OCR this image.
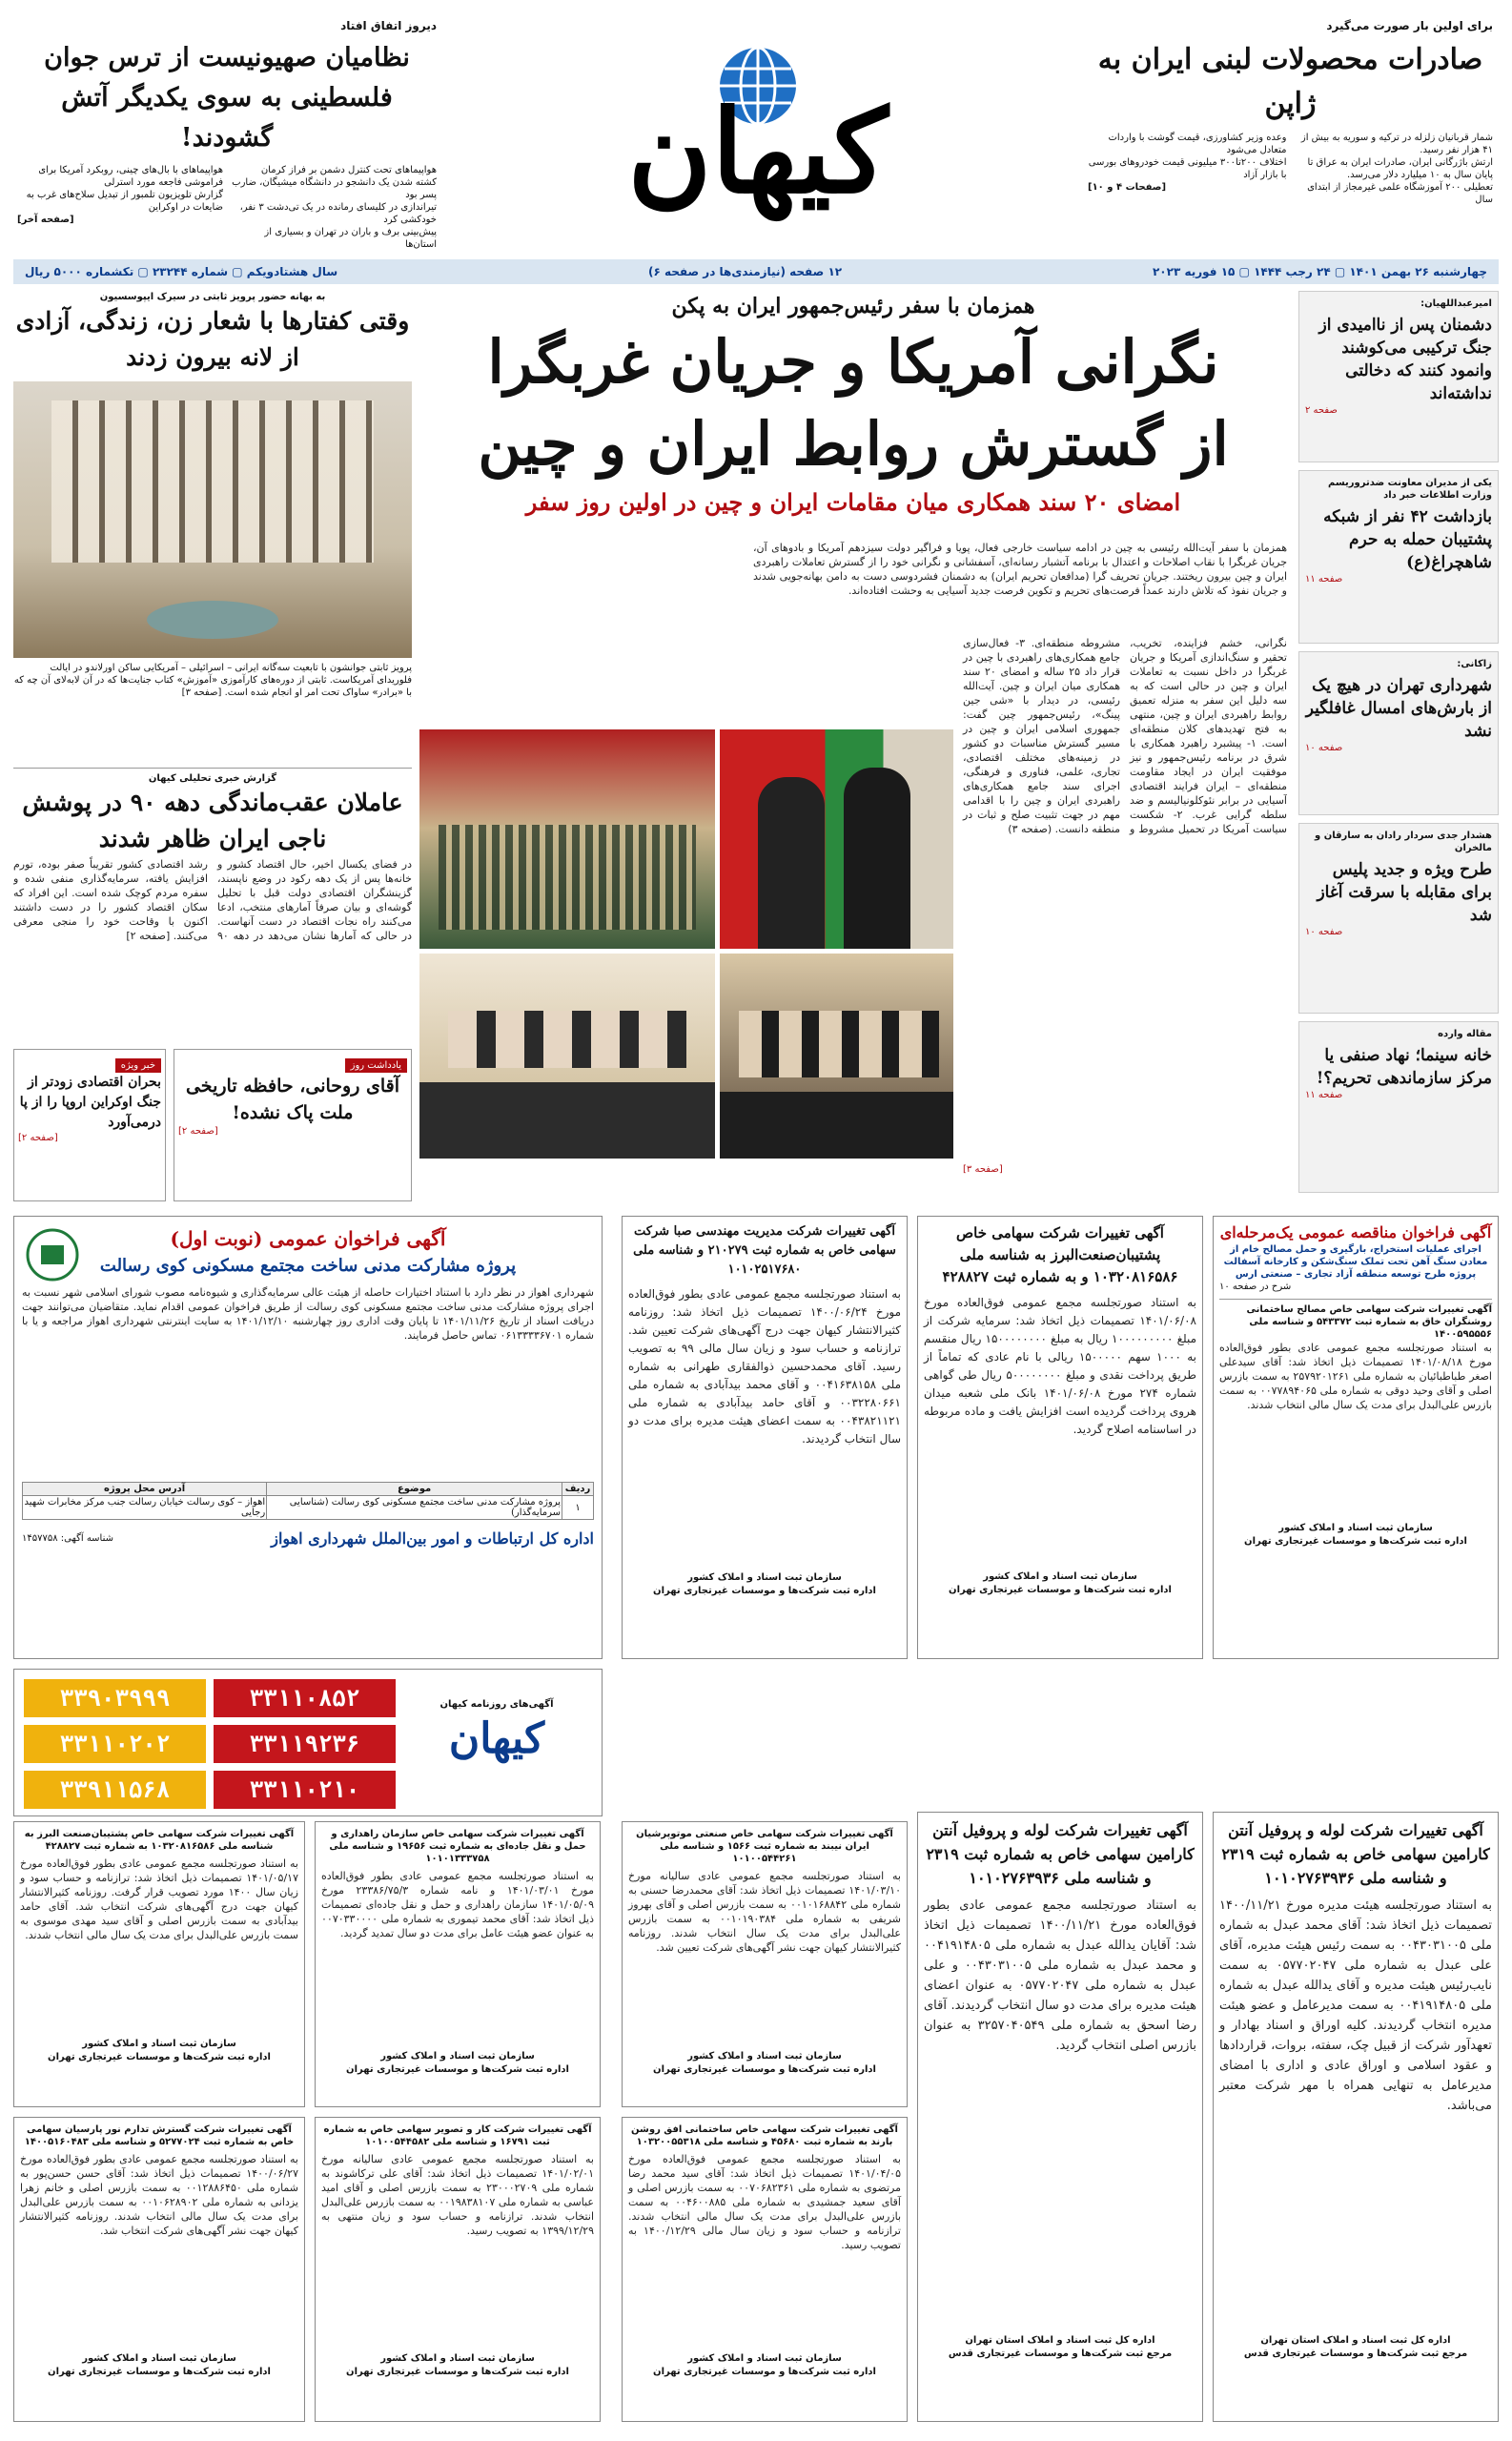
برای اولین بار صورت می‌گیرد
صادرات محصولات لبنی ایران به ژاپن
شمار قربانیان زلزله در ترکیه و سوریه به بیش از ۴۱ هزار نفر رسید.
ارتش باژرگانی ایران، صادرات ایران به عراق تا پایان سال به ۱۰ میلیارد دلار می‌رسد.
تعطیلی ۲۰۰ آموزشگاه علمی غیرمجاز از ابتدای سال
وعده وزیر کشاورزی، قیمت گوشت با واردات متعادل می‌شود
اختلاف ۲۰۰تا۳۰۰ میلیونی قیمت خودروهای بورسی با بازار آزاد
[صفحات ۴ و ۱۰]
کیهان
دیروز اتفاق افتاد
نظامیان صهیونیست از ترس جوان فلسطینی به سوی یکدیگر آتش گشودند!
هواپیماهای تحت کنترل دشمن بر فراز کرمان
کشته شدن یک دانشجو در دانشگاه میشیگان، ضارب پسر بود
تیراندازی در کلیسای رمانده در یک تی‌دشت ۳ نفر، خودکشی کرد
پیش‌بینی برف و باران در تهران و بسیاری از استان‌ها
هواپیماهای با بال‌های چینی، روبکرد آمریکا برای فراموشی فاجعه مورد استرلی
گزارش تلویزیون تلمبور از تبدیل سلاح‌های غرب به ضایعات در اوکراین
[صفحه آخر]
چهارشنبه ۲۶ بهمن ۱۴۰۱ ▢ ۲۴ رجب ۱۴۴۴ ▢ ۱۵ فوریه ۲۰۲۳
۱۲ صفحه (نیازمندی‌ها در صفحه ۶)
سال هشتادویکم ▢ شماره ۲۳۲۴۴ ▢ تکشماره ۵۰۰۰ ریال
امیرعبداللهیان:
دشمنان پس از ناامیدی از جنگ ترکیبی می‌کوشند وانمود کنند که دخالتی نداشته‌اند
صفحه ۲
یکی از مدیران معاونت ضدتروریسم وزارت اطلاعات خبر داد
بازداشت ۴۲ نفر از شبکه پشتیبان حمله به حرم شاهچراغ(ع)
صفحه ۱۱
زاکانی:
شهرداری تهران در هیچ یک از بارش‌های امسال غافلگیر نشد
صفحه ۱۰
هشدار جدی سردار رادان به سارقان و مالخران
طرح ویژه و جدید پلیس برای مقابله با سرقت آغاز شد
صفحه ۱۰
مقاله وارده
خانه سینما؛ نهاد صنفی یا مرکز سازماندهی تحریم؟!
صفحه ۱۱
همزمان با سفر رئیس‌جمهور ایران به پکن
نگرانی آمریکا و جریان غربگرا
از گسترش روابط ایران و چین
امضای ۲۰ سند همکاری میان مقامات ایران و چین در اولین روز سفر
همزمان با سفر آیت‌الله رئیسی به چین در ادامه سیاست خارجی فعال، پویا و فراگیر دولت سیزدهم آمریکا و بادوهای آن، جریان غربگرا با نقاب اصلاحات و اعتدال با برنامه آتشبار رسانه‌ای، آسفشانی و نگرانی خود را از گسترش تعاملات راهبردی ایران و چین بیرون ریختند. جریان تحریف گرا (مدافعان تحریم ایران) به دشمنان فشردوسی دست به دامن بهانه‌جویی شدند و جریان نفوذ که تلاش دارند عمداً فرصت‌های تحریم و تکوین فرصت جدید آسیایی به وحشت افتاده‌اند.
نگرانی، خشم فزاینده، تخریب، تحقیر و سنگ‌اندازی آمریکا و جریان غربگرا در داخل نسبت به تعاملات ایران و چین در حالی است که به سه دلیل این سفر به منزله تعمیق روابط راهبردی ایران و چین، منتهی به فتح تهدیدهای کلان منطقه‌ای است. ۱- پیشبرد راهبرد همکاری با شرق در برنامه رئیس‌جمهور و نیز موفقیت ایران در ایجاد مقاومت منطقه‌ای – ایران فرایند اقتصادی آسیایی در برابر نئوکلونیالیسم و ضد سلطه گرایی غرب. ۲- شکست سیاست آمریکا در تحمیل مشروط و مشروطه منطقه‌ای. ۳- فعال‌سازی جامع همکاری‌های راهبردی با چین در قرار داد ۲۵ ساله و امضای ۲۰ سند همکاری میان ایران و چین. آیت‌الله رئیسی، در دیدار با «شی جین پینگ»، رئیس‌جمهور چین گفت: جمهوری اسلامی ایران و چین در مسیر گسترش مناسبات دو کشور در زمینه‌های مختلف اقتصادی، تجاری، علمی، فناوری و فرهنگی، اجرای سند جامع همکاری‌های راهبردی ایران و چین را با اقدامی مهم در جهت تثبیت صلح و ثبات در منطقه دانست. (صفحه ۳)
[صفحه ۳]
به بهانه حضور پرویز ثابتی در سیرک ایپوسسیون
وقتی کفتارها با شعار زن، زندگی، آزادی از لانه بیرون زدند
پرویز ثابتی جوانشون با تابعیت سه‌گانه ایرانی – اسرائیلی – آمریکایی ساکن اورلاندو در ایالت فلوریدای آمریکاست. ثابتی از دوره‌های کارآموزی «آموزش» کتاب جنایت‌ها که در آن لابه‌لای آن چه که با «برادر» ساواک تحت امر او انجام شده است. [صفحه ۳]
گزارش خبری تحلیلی کیهان
عاملان عقب‌ماندگی دهه ۹۰ در پوشش ناجی ایران ظاهر شدند
در فضای یکسال اخیر، حال اقتصاد کشور و خانه‌ها پس از یک دهه رکود در وضع ناپسند، گزینشگران اقتصادی دولت قبل با تحلیل گوشه‌ای و بیان صرفاً آمارهای منتخب، ادعا می‌کنند راه نجات اقتصاد در دست آنهاست. در حالی که آمارها نشان می‌دهد در دهه ۹۰ رشد اقتصادی کشور تقریباً صفر بوده، تورم افزایش یافته، سرمایه‌گذاری منفی شده و سفره مردم کوچک شده است. این افراد که سکان اقتصاد کشور را در دست داشتند اکنون با وقاحت خود را منجی معرفی می‌کنند. [صفحه ۲]
یادداشت روز
آقای روحانی، حافظه تاریخی ملت پاک نشده!
[صفحه ۲]
خبر ویژه
بحران اقتصادی زودتر از جنگ اوکراین اروپا را از پا درمی‌آورد
[صفحه ۲]
آگهی فراخوان مناقصه عمومی یک‌مرحله‌ای
اجرای عملیات استخراج، بارگیری و حمل مصالح خام از معادن سنگ آهن تحت تملک سنگ‌شکن و کارخانه آسفالت پروژه طرح توسعه منطقه آزاد تجاری – صنعتی ارس
شرح در صفحه ۱۰
آگهی تغییرات شرکت سهامی خاص مصالح ساختمانی روشنگران خاق به شماره ثبت ۵۴۳۳۷۲ و شناسه ملی ۱۴۰۰۵۹۵۵۵۶
به استناد صورتجلسه مجمع عمومی عادی بطور فوق‌العاده مورخ ۱۴۰۱/۰۸/۱۸ تصمیمات ذیل اتخاذ شد: آقای سیدعلی اصغر طباطبائیان به شماره ملی ۲۵۷۹۲۰۱۲۶۱ به سمت بازرس اصلی و آقای وحید دوقی به شماره ملی ۰۰۷۷۸۹۴۰۶۵ به سمت بازرس علی‌البدل برای مدت یک سال مالی انتخاب شدند.
سازمان ثبت اسناد و املاک کشور
اداره ثبت شرکت‌ها و موسسات غیرتجاری تهران
آگهی تغییرات شرکت سهامی خاص پشتیبان‌صنعت‌البرز به شناسه ملی ۱۰۳۲۰۸۱۶۵۸۶ و به شماره ثبت ۴۲۸۸۲۷
به استناد صورتجلسه مجمع عمومی فوق‌العاده مورخ ۱۴۰۱/۰۶/۰۸ تصمیمات ذیل اتخاذ شد: سرمایه شرکت از مبلغ ۱۰۰۰۰۰۰۰۰۰ ریال به مبلغ ۱۵۰۰۰۰۰۰۰۰ ریال منقسم به ۱۰۰۰ سهم ۱۵۰۰۰۰۰ ریالی با نام عادی که تماماً از طریق پرداخت نقدی و مبلغ ۵۰۰۰۰۰۰۰۰ ریال طی گواهی شماره ۲۷۴ مورخ ۱۴۰۱/۰۶/۰۸ بانک ملی شعبه میدان هروی پرداخت گردیده است افزایش یافت و ماده مربوطه در اساسنامه اصلاح گردید.
سازمان ثبت اسناد و املاک کشور
اداره ثبت شرکت‌ها و موسسات غیرتجاری تهران
آگهی تغییرات شرکت مدیریت مهندسی صبا شرکت سهامی خاص به شماره ثبت ۲۱۰۲۷۹ و شناسه ملی ۱۰۱۰۲۵۱۷۶۸۰
به استناد صورتجلسه مجمع عمومی عادی بطور فوق‌العاده مورخ ۱۴۰۰/۰۶/۲۴ تصمیمات ذیل اتخاذ شد: روزنامه کثیرالانتشار کیهان جهت درج آگهی‌های شرکت تعیین شد. ترازنامه و حساب سود و زیان سال مالی ۹۹ به تصویب رسید. آقای محمدحسین ذوالفقاری طهرانی به شماره ملی ۰۰۴۱۶۳۸۱۵۸ و آقای محمد بیدآبادی به شماره ملی ۰۰۳۲۲۸۰۶۶۱ و آقای حامد بیدآبادی به شماره ملی ۰۰۴۳۸۲۱۱۲۱ به سمت اعضای هیئت مدیره برای مدت دو سال انتخاب گردیدند.
سازمان ثبت اسناد و املاک کشور
اداره ثبت شرکت‌ها و موسسات غیرتجاری تهران
آگهی فراخوان عمومی (نوبت اول)
پروژه مشارکت مدنی ساخت مجتمع مسکونی کوی رسالت
شهرداری اهواز در نظر دارد با استناد اختیارات حاصله از هیئت عالی سرمایه‌گذاری و شیوه‌نامه مصوب شورای اسلامی شهر نسبت به اجرای پروژه مشارکت مدنی ساخت مجتمع مسکونی کوی رسالت از طریق فراخوان عمومی اقدام نماید. متقاضیان می‌توانند جهت دریافت اسناد از تاریخ ۱۴۰۱/۱۱/۲۶ تا پایان وقت اداری روز چهارشنبه ۱۴۰۱/۱۲/۱۰ به سایت اینترنتی شهرداری اهواز مراجعه و یا با شماره ۰۶۱۳۳۳۳۶۷۰۱ تماس حاصل فرمایند.
ردیف	موضوع	آدرس محل پروژه
۱	پروژه مشارکت مدنی ساخت مجتمع مسکونی کوی رسالت (شناسایی سرمایه‌گذار)	اهواز – کوی رسالت خیابان رسالت جنب مرکز مخابرات شهید رجایی
اداره کل ارتباطات و امور بین‌الملل شهرداری اهواز
شناسه آگهی: ۱۴۵۷۷۵۸
آگهی‌های روزنامه کیهان
کیهان
۳۳۱۱۰۸۵۲
۳۳۹۰۳۹۹۹
۳۳۱۱۹۲۳۶
۳۳۱۱۰۲۰۲
۳۳۱۱۰۲۱۰
۳۳۹۱۱۵۶۸
آگهی تغییرات شرکت لوله و پروفیل آنتن کارامین سهامی خاص به شماره ثبت ۲۳۱۹ و شناسه ملی ۱۰۱۰۲۷۶۳۹۳۶
به استناد صورتجلسه هیئت مدیره مورخ ۱۴۰۰/۱۱/۲۱ تصمیمات ذیل اتخاذ شد: آقای محمد عبدل به شماره ملی ۰۰۴۳۰۳۱۰۰۵ به سمت رئیس هیئت مدیره، آقای علی عبدل به شماره ملی ۰۵۷۷۰۲۰۴۷ به سمت نایب‌رئیس هیئت مدیره و آقای یدالله عبدل به شماره ملی ۰۰۴۱۹۱۴۸۰۵ به سمت مدیرعامل و عضو هیئت مدیره انتخاب گردیدند. کلیه اوراق و اسناد بهادار و تعهدآور شرکت از قبیل چک، سفته، بروات، قراردادها و عقود اسلامی و اوراق عادی و اداری با امضای مدیرعامل به تنهایی همراه با مهر شرکت معتبر می‌باشد.
اداره کل ثبت اسناد و املاک استان تهران
مرجع ثبت شرکت‌ها و موسسات غیرتجاری قدس
آگهی تغییرات شرکت لوله و پروفیل آنتن کارامین سهامی خاص به شماره ثبت ۲۳۱۹ و شناسه ملی ۱۰۱۰۲۷۶۳۹۳۶
به استناد صورتجلسه مجمع عمومی عادی بطور فوق‌العاده مورخ ۱۴۰۰/۱۱/۲۱ تصمیمات ذیل اتخاذ شد: آقایان یدالله عبدل به شماره ملی ۰۰۴۱۹۱۴۸۰۵ و محمد عبدل به شماره ملی ۰۰۴۳۰۳۱۰۰۵ و علی عبدل به شماره ملی ۰۵۷۷۰۲۰۴۷ به عنوان اعضای هیئت مدیره برای مدت دو سال انتخاب گردیدند. آقای رضا اسحق به شماره ملی ۳۲۵۷۰۴۰۵۴۹ به عنوان بازرس اصلی انتخاب گردید.
اداره کل ثبت اسناد و املاک استان تهران
مرجع ثبت شرکت‌ها و موسسات غیرتجاری قدس
آگهی تغییرات شرکت سهامی خاص صنعتی موتوپرشیان ایران نیبند به شماره ثبت ۱۵۶۶ و شناسه ملی ۱۰۱۰۰۵۴۴۲۶۱
به استناد صورتجلسه مجمع عمومی عادی سالیانه مورخ ۱۴۰۱/۰۳/۱۰ تصمیمات ذیل اتخاذ شد: آقای محمدرضا حسنی به شماره ملی ۰۰۱۰۱۶۸۸۴۲ به سمت بازرس اصلی و آقای بهروز شریفی به شماره ملی ۰۰۱۰۱۹۰۳۸۴ به سمت بازرس علی‌البدل برای مدت یک سال انتخاب شدند. روزنامه کثیرالانتشار کیهان جهت نشر آگهی‌های شرکت تعیین شد.
سازمان ثبت اسناد و املاک کشور
اداره ثبت شرکت‌ها و موسسات غیرتجاری تهران
آگهی تغییرات شرکت سهامی خاص سازمان راهداری و حمل و نقل جاده‌ای به شماره ثبت ۱۹۶۵۶ و شناسه ملی ۱۰۱۰۱۳۳۳۷۵۸
به استناد صورتجلسه مجمع عمومی عادی بطور فوق‌العاده مورخ ۱۴۰۱/۰۳/۰۱ و نامه شماره ۲۳۳۸۶/۷۵/۳ مورخ ۱۴۰۱/۰۵/۰۹ سازمان راهداری و حمل و نقل جاده‌ای تصمیمات ذیل اتخاذ شد: آقای محمد تیموری به شماره ملی ۰۰۷۰۳۳۰۰۰۰ به عنوان عضو هیئت عامل برای مدت دو سال تمدید گردید.
سازمان ثبت اسناد و املاک کشور
اداره ثبت شرکت‌ها و موسسات غیرتجاری تهران
آگهی تغییرات شرکت سهامی خاص پشتیبان‌صنعت البرز به شناسه ملی ۱۰۳۲۰۸۱۶۵۸۶ به شماره ثبت ۴۲۸۸۲۷
به استناد صورتجلسه مجمع عمومی عادی بطور فوق‌العاده مورخ ۱۴۰۱/۰۵/۱۷ تصمیمات ذیل اتخاذ شد: ترازنامه و حساب سود و زیان سال ۱۴۰۰ مورد تصویب قرار گرفت. روزنامه کثیرالانتشار کیهان جهت درج آگهی‌های شرکت انتخاب شد. آقای حامد بیدآبادی به سمت بازرس اصلی و آقای سید مهدی موسوی به سمت بازرس علی‌البدل برای مدت یک سال مالی انتخاب شدند.
سازمان ثبت اسناد و املاک کشور
اداره ثبت شرکت‌ها و موسسات غیرتجاری تهران
آگهی تغییرات شرکت سهامی خاص ساختمانی افق روشن بارند به شماره ثبت ۴۵۶۸۰ و شناسه ملی ۱۰۳۲۰۰۵۵۳۱۸
به استناد صورتجلسه مجمع عمومی فوق‌العاده مورخ ۱۴۰۱/۰۴/۰۵ تصمیمات ذیل اتخاذ شد: آقای سید محمد رضا مرتضوی به شماره ملی ۰۰۷۰۶۸۲۳۶۱ به سمت بازرس اصلی و آقای سعید جمشیدی به شماره ملی ۰۰۴۶۰۰۸۸۵ به سمت بازرس علی‌البدل برای مدت یک سال مالی انتخاب شدند. ترازنامه و حساب سود و زیان سال مالی ۱۴۰۰/۱۲/۲۹ به تصویب رسید.
سازمان ثبت اسناد و املاک کشور
اداره ثبت شرکت‌ها و موسسات غیرتجاری تهران
آگهی تغییرات شرکت کار و تصویر سهامی خاص به شماره ثبت ۱۶۷۹۱ و شناسه ملی ۱۰۱۰۰۵۴۴۵۸۲
به استناد صورتجلسه مجمع عمومی عادی سالیانه مورخ ۱۴۰۱/۰۲/۰۱ تصمیمات ذیل اتخاذ شد: آقای علی ترکاشوند به شماره ملی ۲۳۰۰۰۲۷۰۹ به سمت بازرس اصلی و آقای امید عباسی به شماره ملی ۰۰۱۹۸۳۸۱۰۷ به سمت بازرس علی‌البدل انتخاب شدند. ترازنامه و حساب سود و زیان منتهی به ۱۳۹۹/۱۲/۲۹ به تصویب رسید.
سازمان ثبت اسناد و املاک کشور
اداره ثبت شرکت‌ها و موسسات غیرتجاری تهران
آگهی تغییرات شرکت گسترش تدارم نور پارسیان سهامی خاص به شماره ثبت ۵۲۷۷۰۲۴ و شناسه ملی ۱۴۰۰۵۱۶۰۴۸۳
به استناد صورتجلسه مجمع عمومی عادی بطور فوق‌العاده مورخ ۱۴۰۰/۰۶/۲۷ تصمیمات ذیل اتخاذ شد: آقای حسن حسن‌پور به شماره ملی ۰۰۱۲۸۸۶۴۵۰ به سمت بازرس اصلی و خانم زهرا یزدانی به شماره ملی ۰۰۱۰۶۲۸۹۰۲ به سمت بازرس علی‌البدل برای مدت یک سال مالی انتخاب شدند. روزنامه کثیرالانتشار کیهان جهت نشر آگهی‌های شرکت انتخاب شد.
سازمان ثبت اسناد و املاک کشور
اداره ثبت شرکت‌ها و موسسات غیرتجاری تهران
